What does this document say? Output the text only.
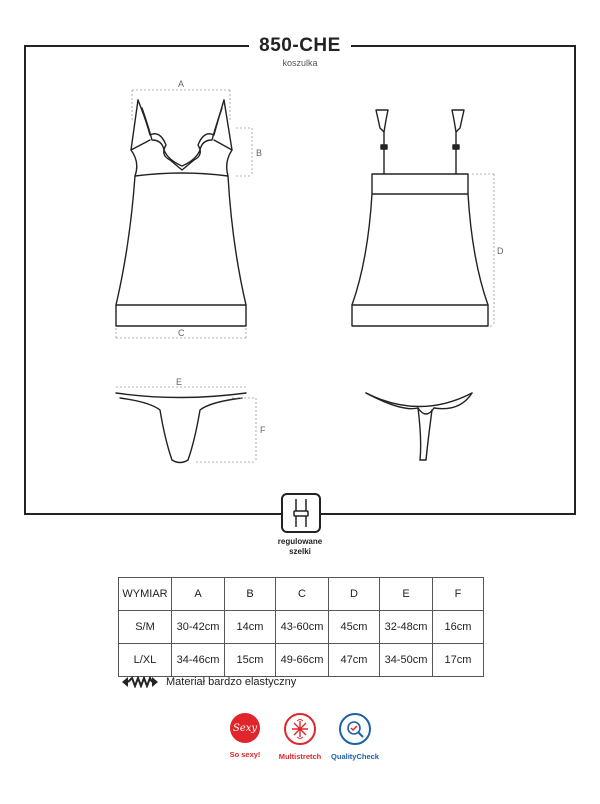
850-CHE
koszulka
A
B
C
D
E
F
regulowane
szelki
WYMIAR	A	B	C	D	E	F
S/M	30-42cm	14cm	43-60cm	45cm	32-48cm	16cm
L/XL	34-46cm	15cm	49-66cm	47cm	34-50cm	17cm
Materiał bardzo elastyczny
Sexy
So sexy!	Multistretch	QualityCheck
